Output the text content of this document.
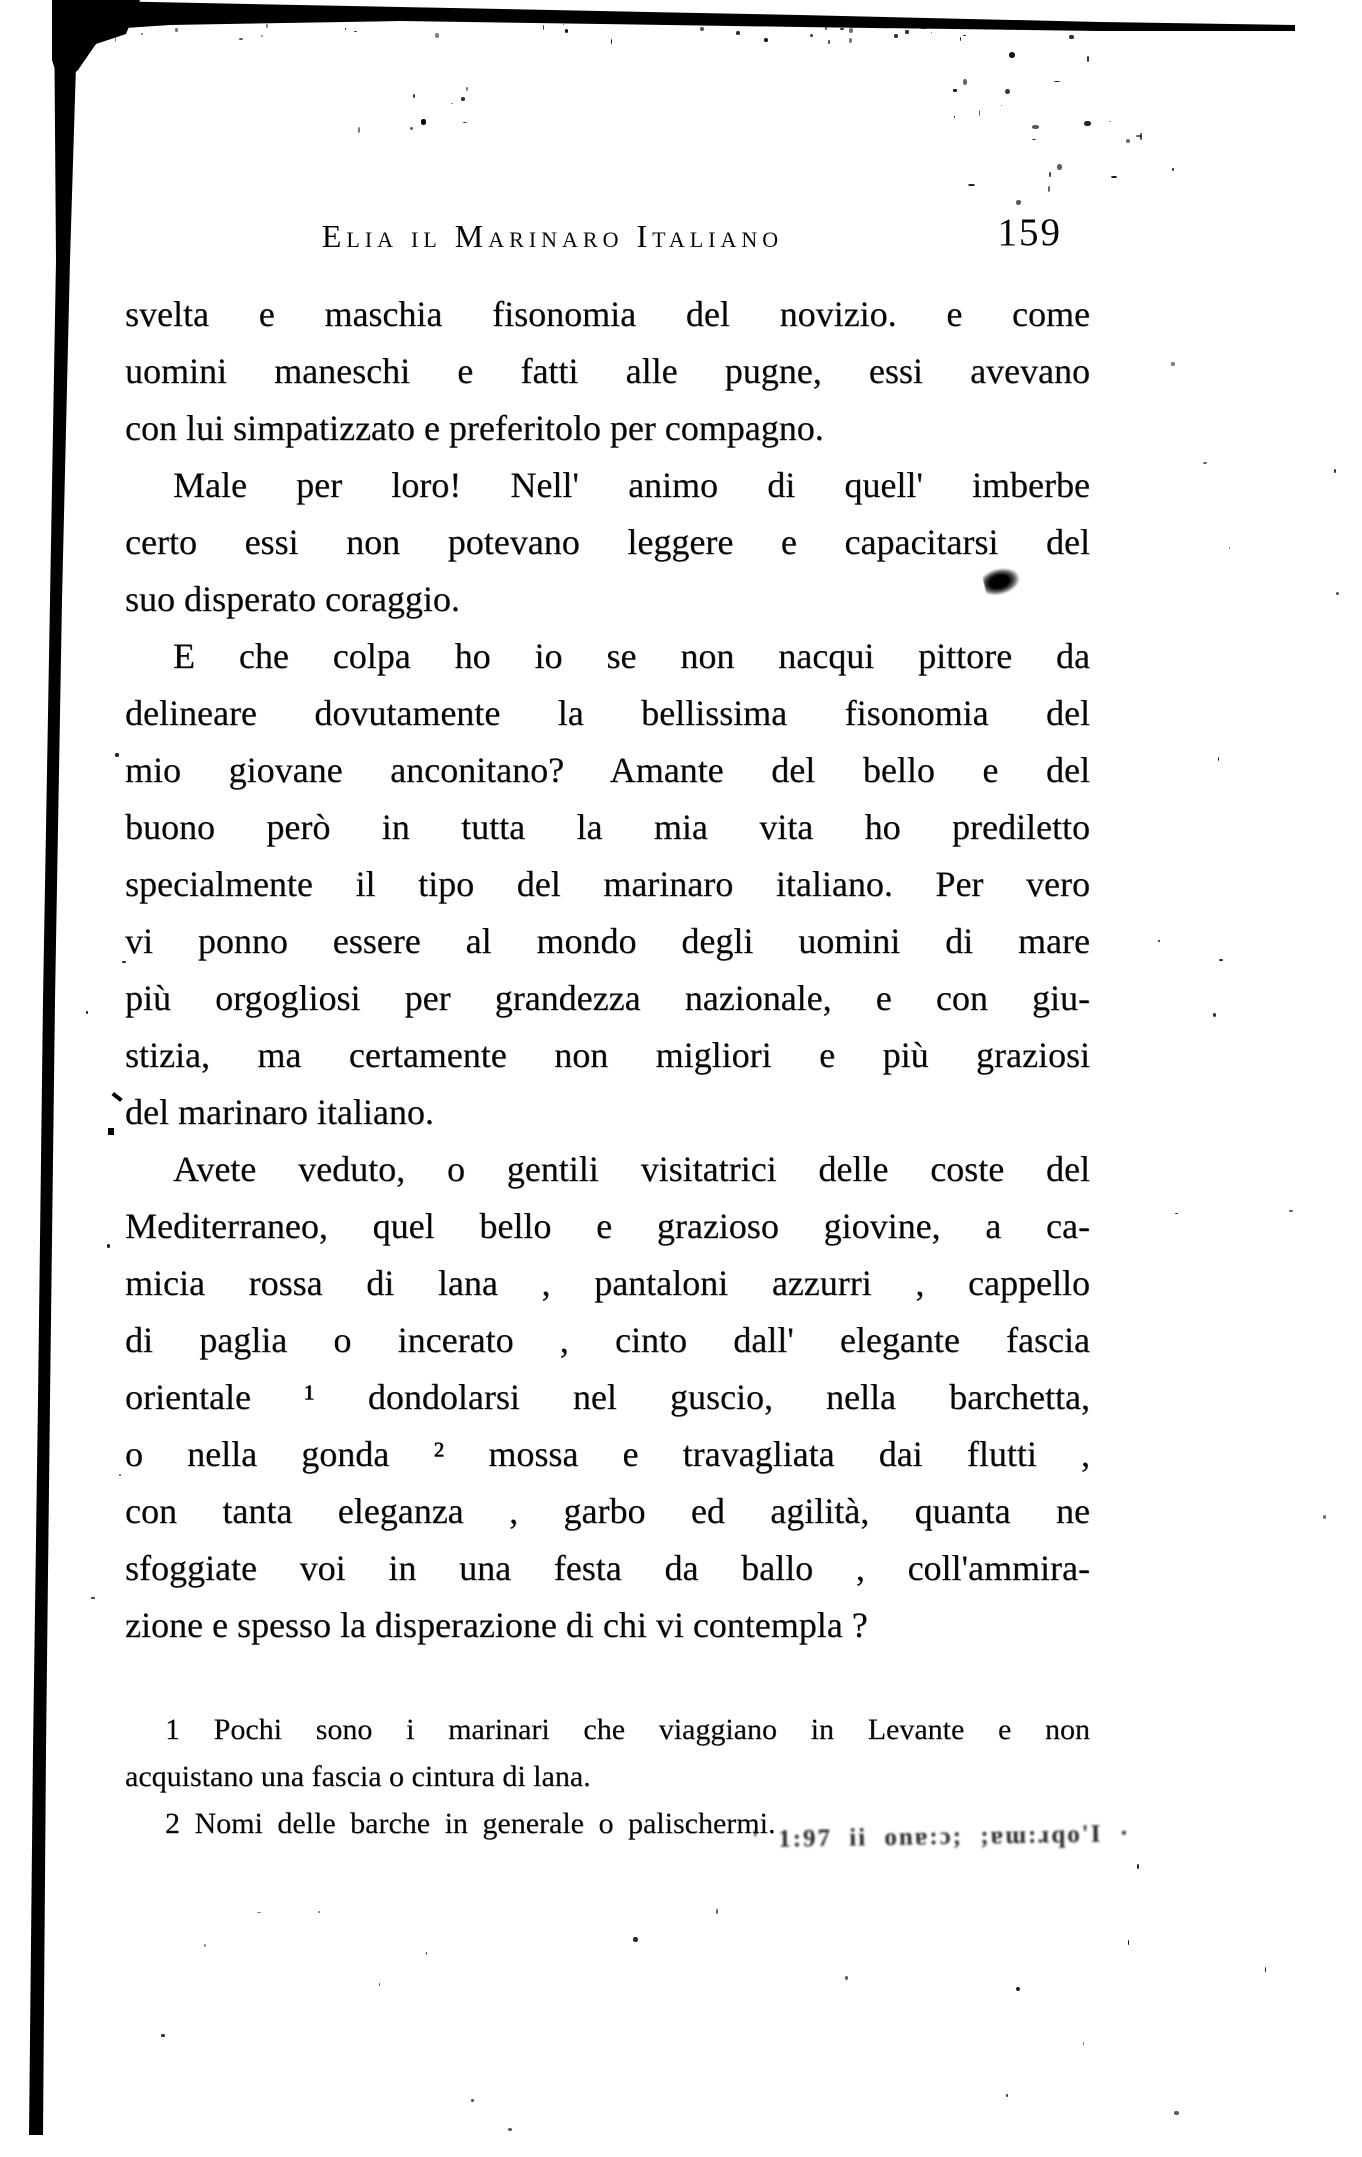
Elia il Marinaro Italiano	159
svelta e maschia fisonomia del novizio. e come
uomini maneschi e fatti alle pugne, essi avevano
con lui simpatizzato e preferitolo per compagno.
Male per loro! Nell' animo di quell' imberbe
certo essi non potevano leggere e capacitarsi del
suo disperato coraggio.
E che colpa ho io se non nacqui pittore da
delineare dovutamente la bellissima fisonomia del
mio giovane anconitano? Amante del bello e del
buono però in tutta la mia vita ho prediletto
specialmente il tipo del marinaro italiano. Per vero
vi ponno essere al mondo degli uomini di mare
più orgogliosi per grandezza nazionale, e con giu-
stizia, ma certamente non migliori e più graziosi
del marinaro italiano.
Avete veduto, o gentili visitatrici delle coste del
Mediterraneo, quel bello e grazioso giovine, a ca-
micia rossa di lana , pantaloni azzurri , cappello
di paglia o incerato , cinto dall' elegante fascia
orientale ¹ dondolarsi nel guscio, nella barchetta,
o nella gonda ² mossa e travagliata dai flutti ,
con tanta eleganza , garbo ed agilità, quanta ne
sfoggiate voi in una festa da ballo , coll'ammira-
zione e spesso la disperazione di chi vi contempla ?
1 Pochi sono i marinari che viaggiano in Levante e non
acquistano una fascia o cintura di lana.
2 Nomi delle barche in generale o palischermi.
' 1:97 ii onɐ:ɔ; ;ɐɯ:ɹqo'I ·
